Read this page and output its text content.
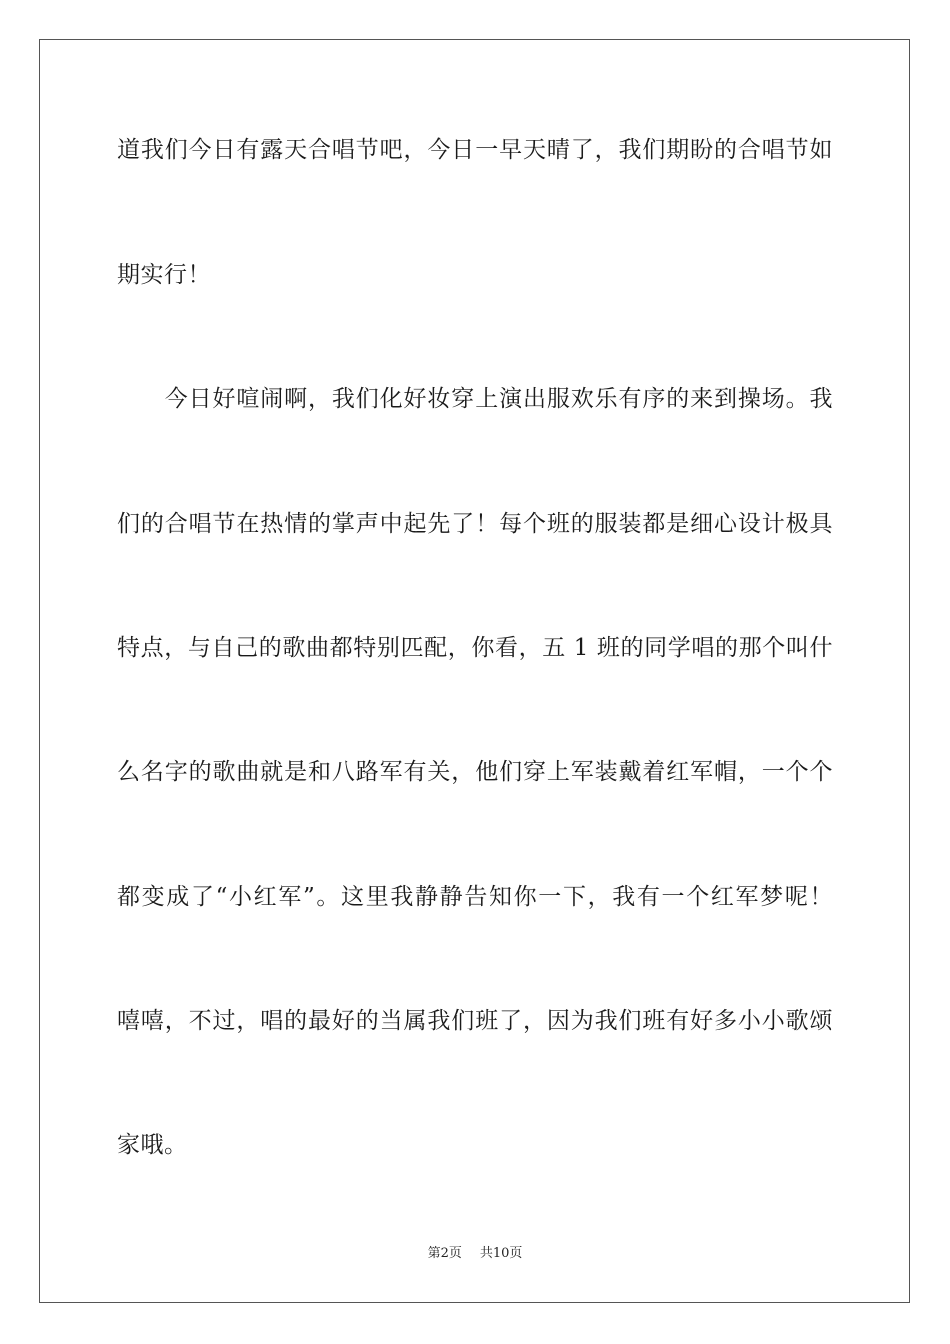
道我们今日有露天合唱节吧，今日一早天晴了，我们期盼的合唱节如
期实行！
　　今日好喧闹啊，我们化好妆穿上演出服欢乐有序的来到操场。我
们的合唱节在热情的掌声中起先了！每个班的服装都是细心设计极具
特点，与自己的歌曲都特别匹配，你看，五 1 班的同学唱的那个叫什
么名字的歌曲就是和八路军有关，他们穿上军装戴着红军帽，一个个
都变成了“小红军”。这里我静静告知你一下，我有一个红军梦呢！
嘻嘻，不过，唱的最好的当属我们班了，因为我们班有好多小小歌颂
家哦。
第2页 共10页
